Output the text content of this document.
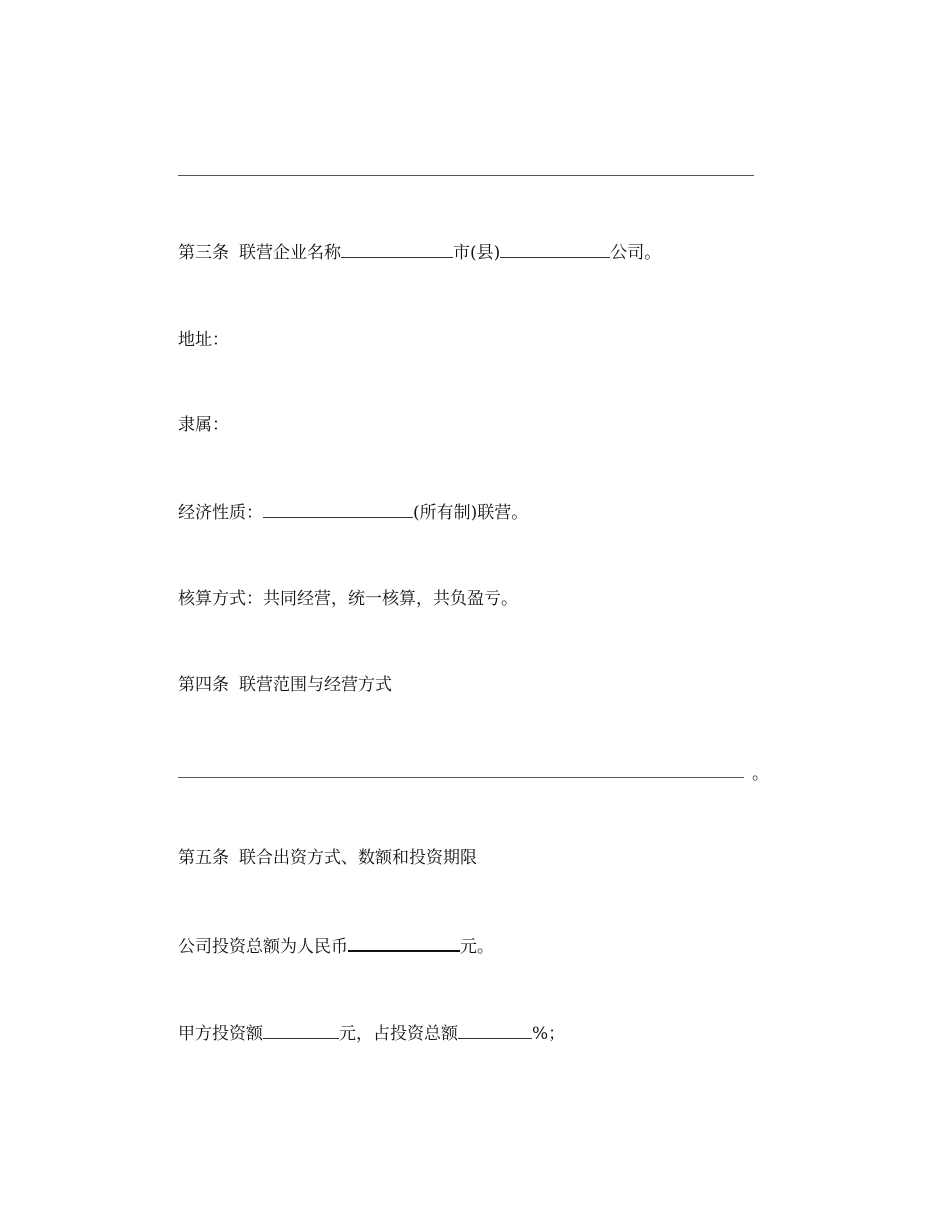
第三条 联营企业名称	市(县)	公司。
地址：
隶属：
经济性质：	(所有制)联营。
核算方式：共同经营，统一核算，共负盈亏。
第四条 联营范围与经营方式
。
第五条 联合出资方式、数额和投资期限
公司投资总额为人民币	元。
甲方投资额	元，占投资总额	%；
